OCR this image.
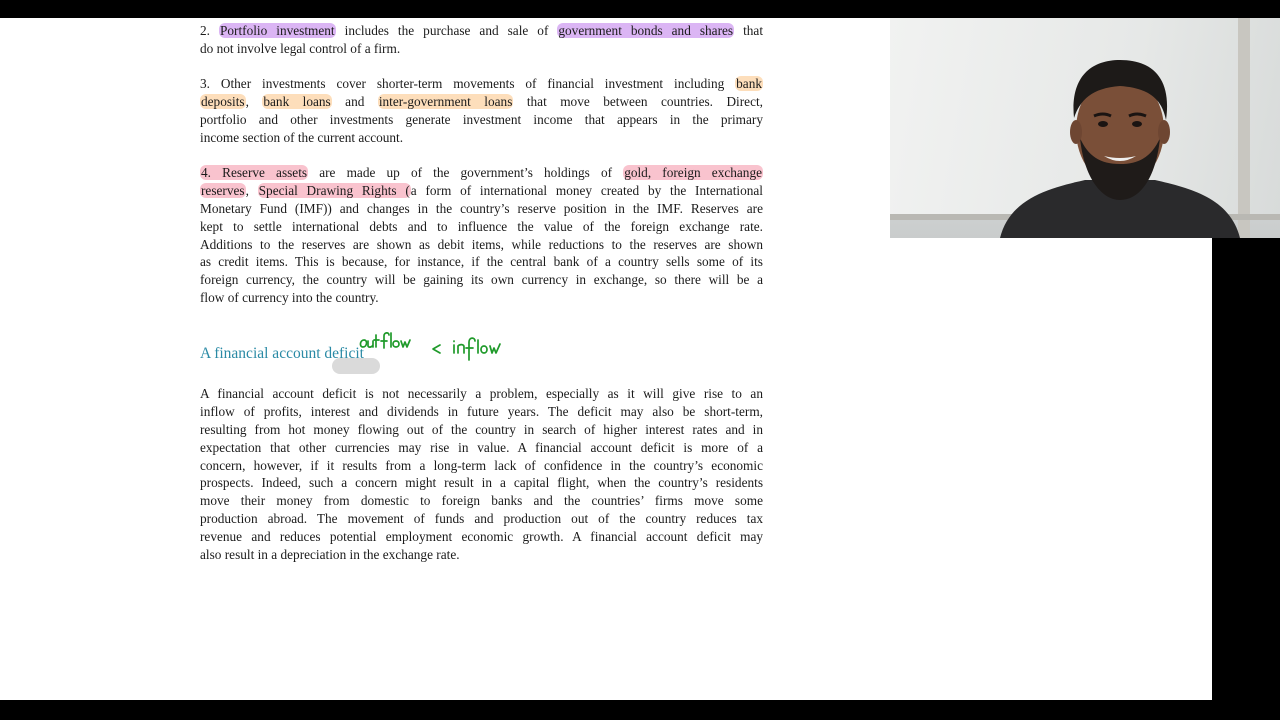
2. Portfolio investment includes the purchase and sale of government bonds and shares that
do not involve legal control of a firm.
3. Other investments cover shorter-term movements of financial investment including bank
deposits, bank loans and inter-government loans that move between countries. Direct,
portfolio and other investments generate investment income that appears in the primary
income section of the current account.
4. Reserve assets are made up of the government’s holdings of gold, foreign exchange
reserves, Special Drawing Rights (a form of international money created by the International
Monetary Fund (IMF)) and changes in the country’s reserve position in the IMF. Reserves are
kept to settle international debts and to influence the value of the foreign exchange rate.
Additions to the reserves are shown as debit items, while reductions to the reserves are shown
as credit items. This is because, for instance, if the central bank of a country sells some of its
foreign currency, the country will be gaining its own currency in exchange, so there will be a
flow of currency into the country.
A financial account deficit
A financial account deficit is not necessarily a problem, especially as it will give rise to an
inflow of profits, interest and dividends in future years. The deficit may also be short-term,
resulting from hot money flowing out of the country in search of higher interest rates and in
expectation that other currencies may rise in value. A financial account deficit is more of a
concern, however, if it results from a long-term lack of confidence in the country’s economic
prospects. Indeed, such a concern might result in a capital flight, when the country’s residents
move their money from domestic to foreign banks and the countries’ firms move some
production abroad. The movement of funds and production out of the country reduces tax
revenue and reduces potential employment economic growth. A financial account deficit may
also result in a depreciation in the exchange rate.
